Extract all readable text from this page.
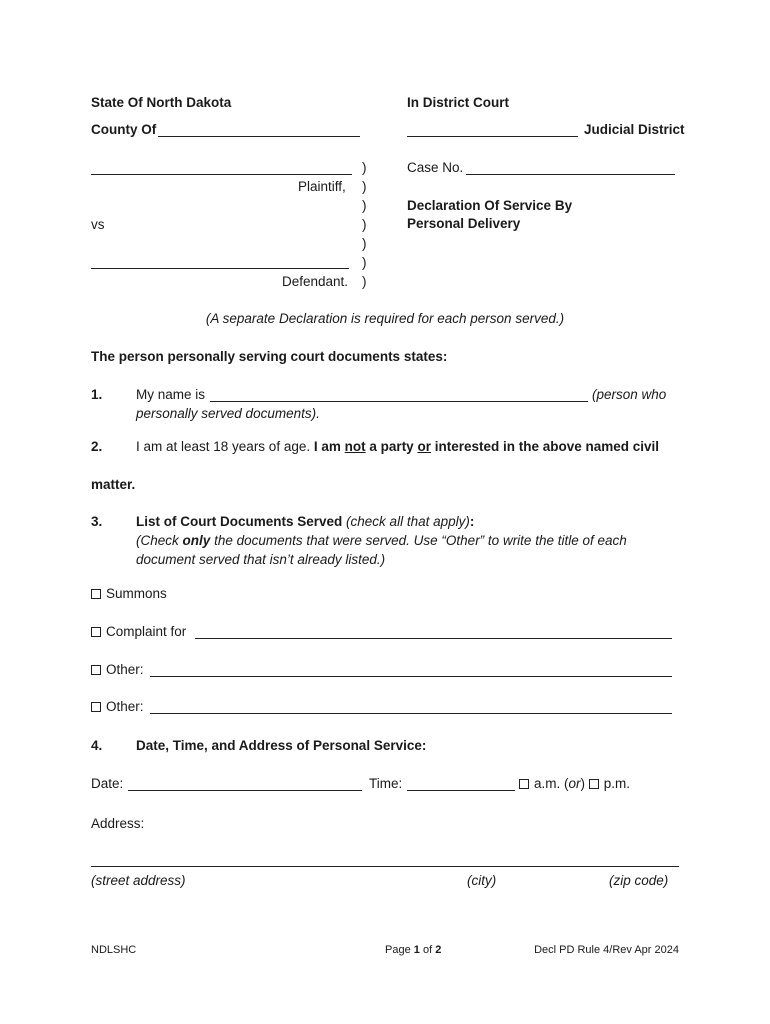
State Of North Dakota
County Of
In District Court
Judicial District
Plaintiff,
vs
Defendant.
)
)
)
)
)
)
)
Case No.
Declaration Of Service By
Personal Delivery
(A separate Declaration is required for each person served.)
The person personally serving court documents states:
1. My name is	(person who
personally served documents).
2. I am at least 18 years of age. I am not a party or interested in the above named civil
matter.
3. List of Court Documents Served (check all that apply):
(Check only the documents that were served. Use “Other” to write the title of each
document served that isn’t already listed.)
Summons
Complaint for
Other:
Other:
4. Date, Time, and Address of Personal Service:
Date:	Time:	a.m. (or) p.m.
Address:
(street address)	(city)	(zip code)
NDLSHC	Page 1 of 2	Decl PD Rule 4/Rev Apr 2024
